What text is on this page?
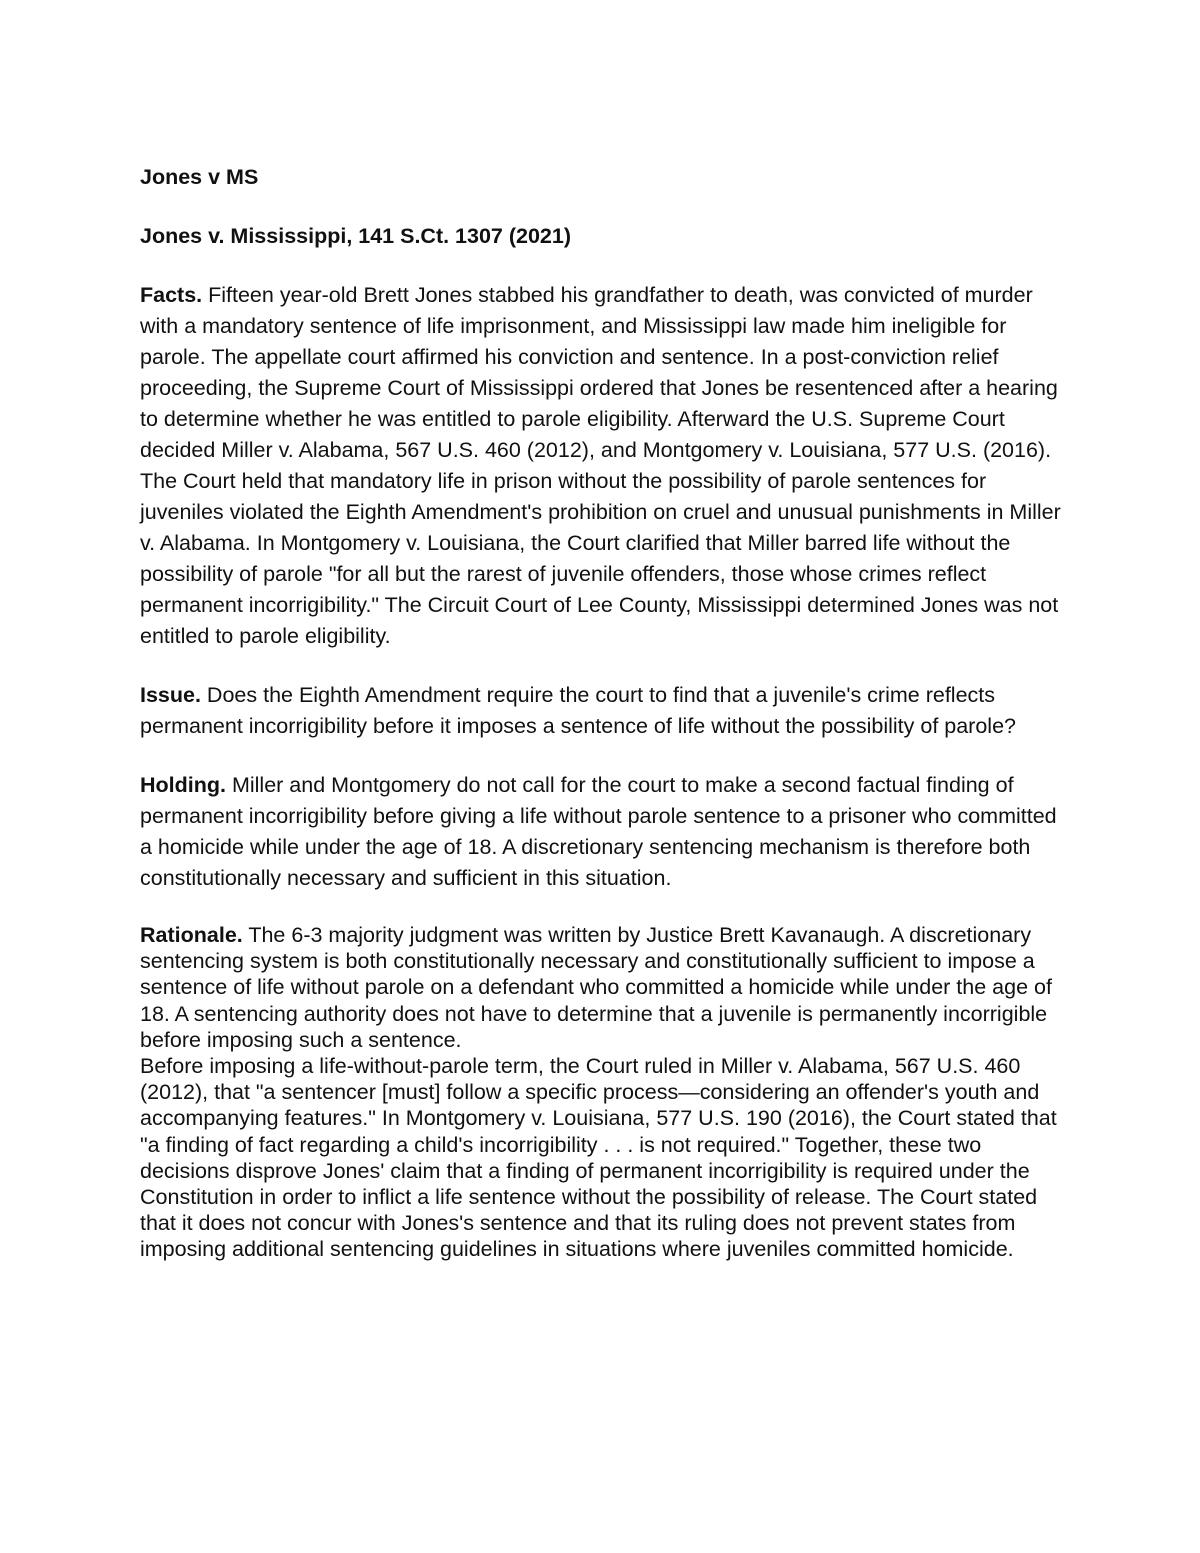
Jones v MS
Jones v. Mississippi, 141 S.Ct. 1307 (2021)
Facts. Fifteen year-old Brett Jones stabbed his grandfather to death, was convicted of murder with a mandatory sentence of life imprisonment, and Mississippi law made him ineligible for parole. The appellate court affirmed his conviction and sentence. In a post-conviction relief proceeding, the Supreme Court of Mississippi ordered that Jones be resentenced after a hearing to determine whether he was entitled to parole eligibility. Afterward the U.S. Supreme Court decided Miller v. Alabama, 567 U.S. 460 (2012), and Montgomery v. Louisiana, 577 U.S. (2016). The Court held that mandatory life in prison without the possibility of parole sentences for juveniles violated the Eighth Amendment's prohibition on cruel and unusual punishments in Miller v. Alabama. In Montgomery v. Louisiana, the Court clarified that Miller barred life without the possibility of parole "for all but the rarest of juvenile offenders, those whose crimes reflect permanent incorrigibility." The Circuit Court of Lee County, Mississippi determined Jones was not entitled to parole eligibility.
Issue. Does the Eighth Amendment require the court to find that a juvenile's crime reflects permanent incorrigibility before it imposes a sentence of life without the possibility of parole?
Holding. Miller and Montgomery do not call for the court to make a second factual finding of permanent incorrigibility before giving a life without parole sentence to a prisoner who committed a homicide while under the age of 18. A discretionary sentencing mechanism is therefore both constitutionally necessary and sufficient in this situation.
Rationale. The 6-3 majority judgment was written by Justice Brett Kavanaugh. A discretionary sentencing system is both constitutionally necessary and constitutionally sufficient to impose a sentence of life without parole on a defendant who committed a homicide while under the age of 18. A sentencing authority does not have to determine that a juvenile is permanently incorrigible before imposing such a sentence.
Before imposing a life-without-parole term, the Court ruled in Miller v. Alabama, 567 U.S. 460 (2012), that "a sentencer [must] follow a specific process—considering an offender's youth and accompanying features." In Montgomery v. Louisiana, 577 U.S. 190 (2016), the Court stated that "a finding of fact regarding a child's incorrigibility . . . is not required." Together, these two decisions disprove Jones' claim that a finding of permanent incorrigibility is required under the Constitution in order to inflict a life sentence without the possibility of release. The Court stated that it does not concur with Jones's sentence and that its ruling does not prevent states from imposing additional sentencing guidelines in situations where juveniles committed homicide.
